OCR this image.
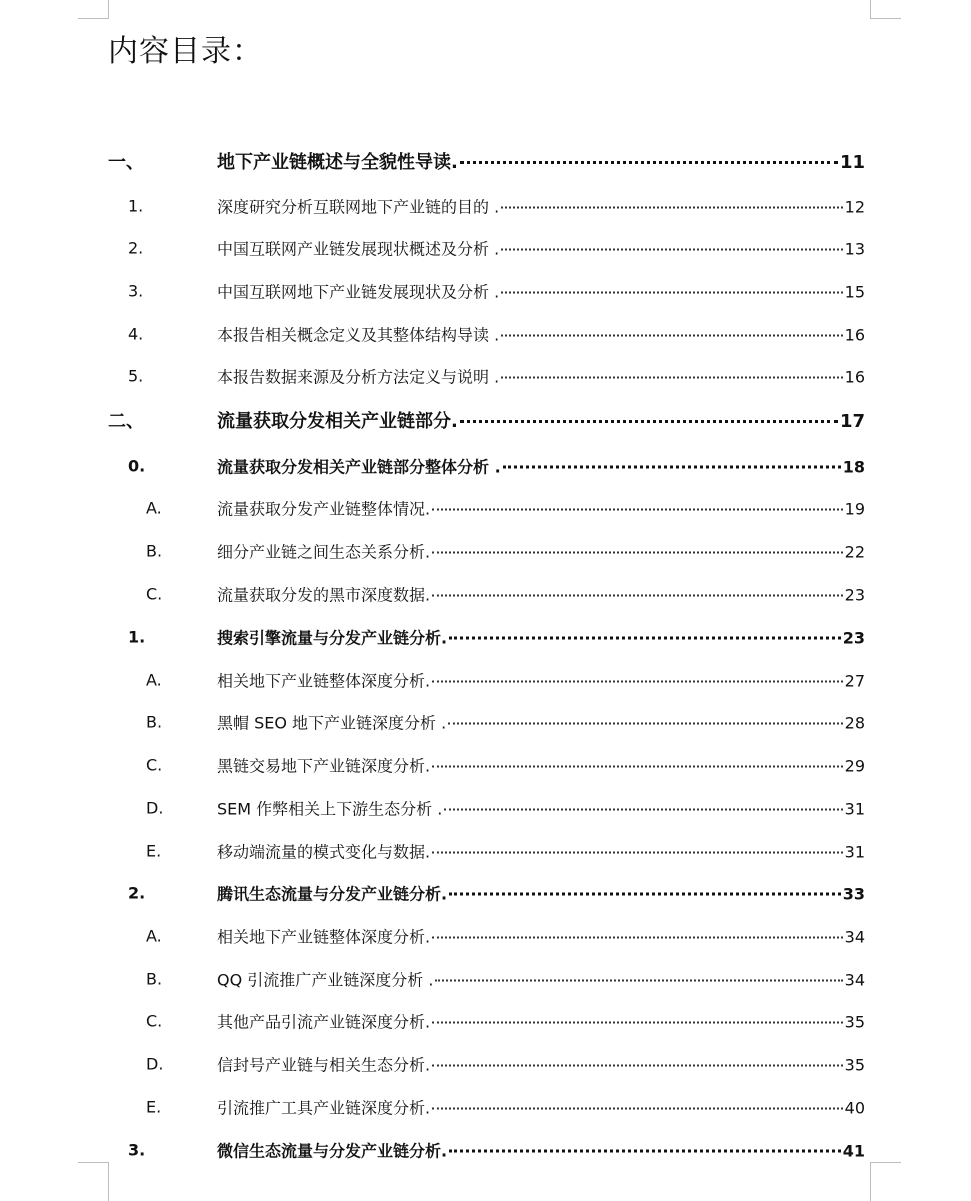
内容目录：
一、	地下产业链概述与全貌性导读.	11
1.	深度研究分析互联网地下产业链的目的 .	12
2.	中国互联网产业链发展现状概述及分析 .	13
3.	中国互联网地下产业链发展现状及分析 .	15
4.	本报告相关概念定义及其整体结构导读 .	16
5.	本报告数据来源及分析方法定义与说明 .	16
二、	流量获取分发相关产业链部分.	17
0.	流量获取分发相关产业链部分整体分析 .	18
A.	流量获取分发产业链整体情况.	19
B.	细分产业链之间生态关系分析.	22
C.	流量获取分发的黑市深度数据.	23
1.	搜索引擎流量与分发产业链分析.	23
A.	相关地下产业链整体深度分析.	27
B.	黑帽 SEO 地下产业链深度分析 .	28
C.	黑链交易地下产业链深度分析.	29
D.	SEM 作弊相关上下游生态分析 .	31
E.	移动端流量的模式变化与数据.	31
2.	腾讯生态流量与分发产业链分析.	33
A.	相关地下产业链整体深度分析.	34
B.	QQ 引流推广产业链深度分析 .	34
C.	其他产品引流产业链深度分析.	35
D.	信封号产业链与相关生态分析.	35
E.	引流推广工具产业链深度分析.	40
3.	微信生态流量与分发产业链分析.	41
